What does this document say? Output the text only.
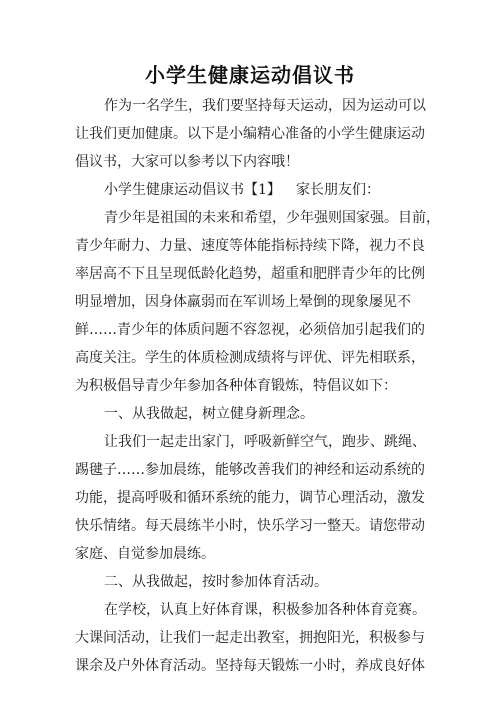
小学生健康运动倡议书
作为一名学生，我们要坚持每天运动，因为运动可以
让我们更加健康。以下是小编精心准备的小学生健康运动
倡议书，大家可以参考以下内容哦！
小学生健康运动倡议书【1】 家长朋友们：
青少年是祖国的未来和希望，少年强则国家强。目前，
青少年耐力、力量、速度等体能指标持续下降，视力不良
率居高不下且呈现低龄化趋势，超重和肥胖青少年的比例
明显增加，因身体羸弱而在军训场上晕倒的现象屡见不
鲜……青少年的体质问题不容忽视，必须倍加引起我们的
高度关注。学生的体质检测成绩将与评优、评先相联系，
为积极倡导青少年参加各种体育锻炼，特倡议如下：
一、从我做起，树立健身新理念。
让我们一起走出家门，呼吸新鲜空气，跑步、跳绳、
踢毽子……参加晨练，能够改善我们的神经和运动系统的
功能，提高呼吸和循环系统的能力，调节心理活动，激发
快乐情绪。每天晨练半小时，快乐学习一整天。请您带动
家庭、自觉参加晨练。
二、从我做起，按时参加体育活动。
在学校，认真上好体育课，积极参加各种体育竞赛。
大课间活动，让我们一起走出教室，拥抱阳光，积极参与
课余及户外体育活动。坚持每天锻炼一小时，养成良好体
